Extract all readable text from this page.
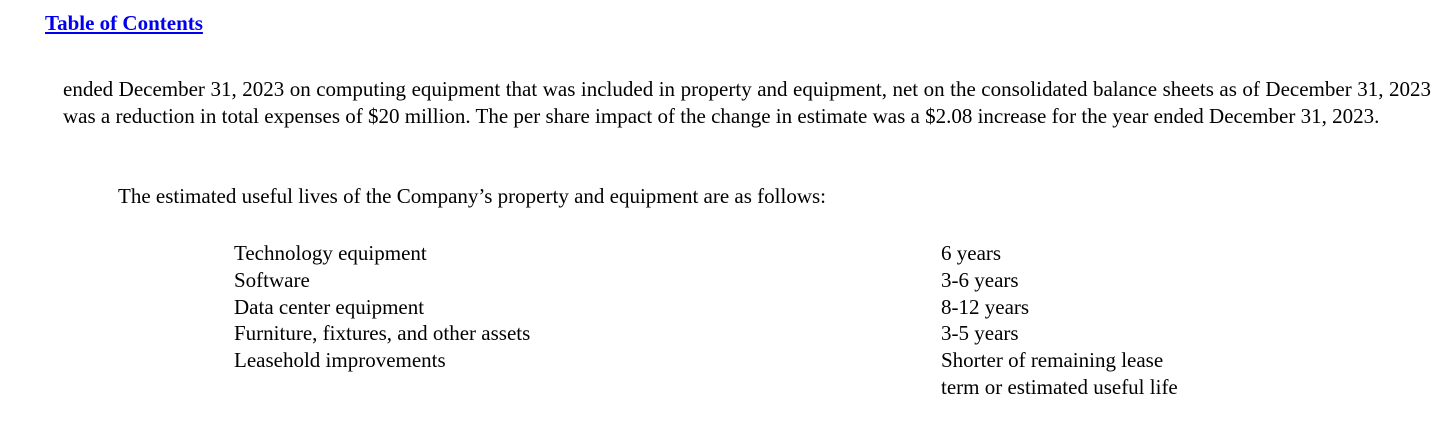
Table of Contents

ended December 31, 2023 on computing equipment that was included in property and equipment, net on the consolidated balance sheets as of December 31, 2023 was a reduction in total expenses of $20 million. The per share impact of the change in estimate was a $2.08 increase for the year ended December 31, 2023.

The estimated useful lives of the Company’s property and equipment are as follows:

Technology equipment	6 years
Software	3-6 years
Data center equipment	8-12 years
Furniture, fixtures, and other assets	3-5 years
Leasehold improvements	Shorter of remaining lease term or estimated useful life
